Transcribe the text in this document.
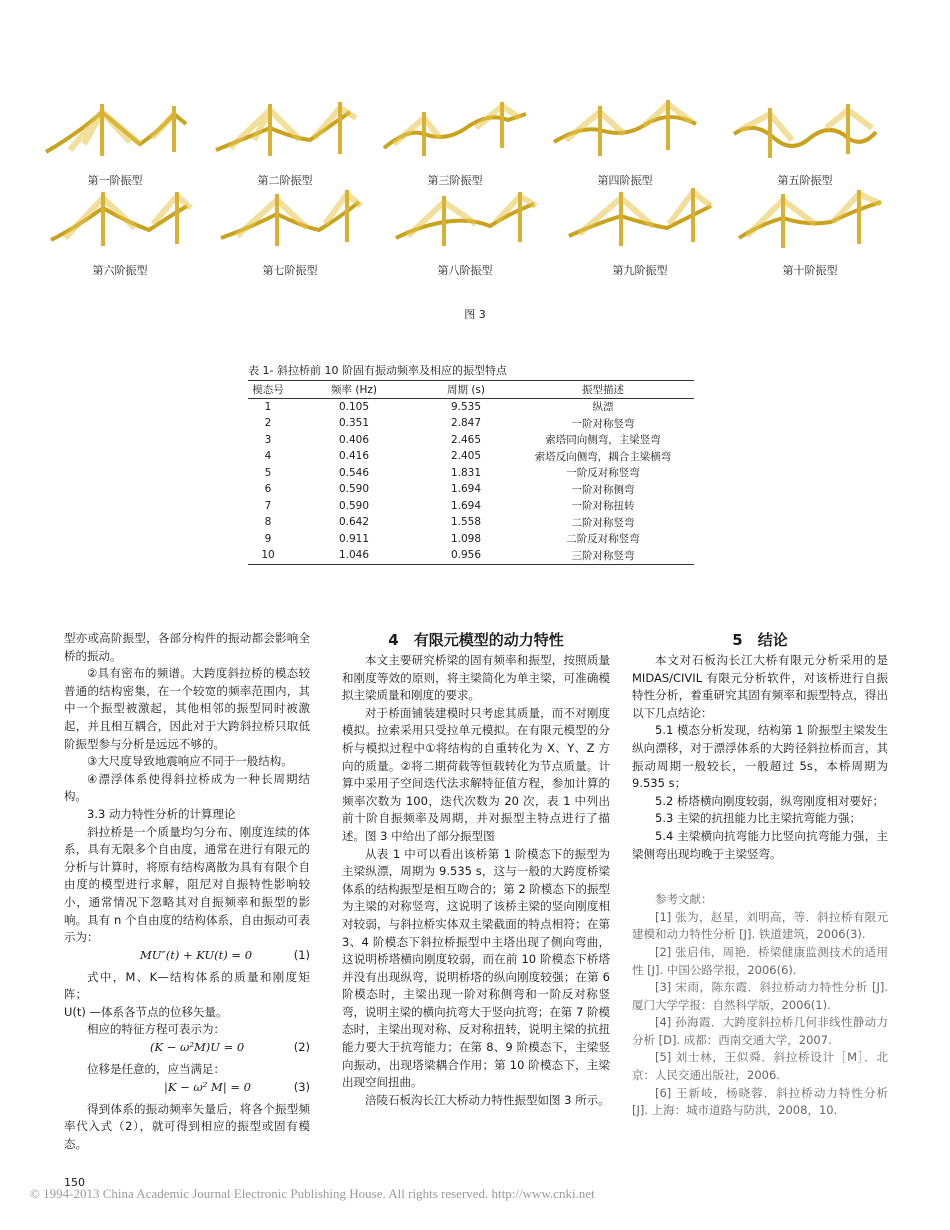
第一阶振型	第二阶振型	第三阶振型	第四阶振型	第五阶振型
第六阶振型	第七阶振型	第八阶振型	第九阶振型	第十阶振型
图 3
表 1- 斜拉桥前 10 阶固有振动频率及相应的振型特点
模态号	频率 (Hz)	周期 (s)	振型描述
1	0.105	9.535	纵漂
2	0.351	2.847	一阶对称竖弯
3	0.406	2.465	索塔同向侧弯，主梁竖弯
4	0.416	2.405	索塔反向侧弯，耦合主梁横弯
5	0.546	1.831	一阶反对称竖弯
6	0.590	1.694	一阶对称侧弯
7	0.590	1.694	一阶对称扭转
8	0.642	1.558	二阶对称竖弯
9	0.911	1.098	二阶反对称竖弯
10	1.046	0.956	三阶对称竖弯

型亦或高阶振型，各部分构件的振动都会影响全桥的振动。

②具有密布的频谱。大跨度斜拉桥的模态较普通的结构密集，在一个较宽的频率范围内，其中一个振型被激起，其他相邻的振型同时被激起，并且相互耦合，因此对于大跨斜拉桥只取低阶振型参与分析是远远不够的。

③大尺度导致地震响应不同于一般结构。

④漂浮体系使得斜拉桥成为一种长周期结构。

3.3 动力特性分析的计算理论

斜拉桥是一个质量均匀分布、刚度连续的体系，具有无限多个自由度，通常在进行有限元的分析与计算时，将原有结构离散为具有有限个自由度的模型进行求解，阻尼对自振特性影响较小，通常情况下忽略其对自振频率和振型的影响。具有 n 个自由度的结构体系，自由振动可表示为：

MU″(t) + KU(t) = 0	(1)

式中，M、K—结构体系的质量和刚度矩阵；

U(t) —体系各节点的位移矢量。

相应的特征方程可表示为：

(K − ω²M)U = 0	(2)

位移是任意的，应当满足：

|K − ω² M| = 0	(3)

得到体系的振动频率矢量后，将各个振型频率代入式（2），就可得到相应的振型或固有模态。

4　有限元模型的动力特性

本文主要研究桥梁的固有频率和振型，按照质量和刚度等效的原则，将主梁简化为单主梁，可准确模拟主梁质量和刚度的要求。

对于桥面铺装建模时只考虑其质量，而不对刚度模拟。拉索采用只受拉单元模拟。在有限元模型的分析与模拟过程中①将结构的自重转化为 X、Y、Z 方向的质量。②将二期荷载等恒载转化为节点质量。计算中采用子空间迭代法求解特征值方程，参加计算的频率次数为 100，迭代次数为 20 次，表 1 中列出前十阶自振频率及周期，并对振型主特点进行了描述。图 3 中给出了部分振型图

从表 1 中可以看出该桥第 1 阶模态下的振型为主梁纵漂，周期为 9.535 s，这与一般的大跨度桥梁体系的结构振型是相互吻合的；第 2 阶模态下的振型为主梁的对称竖弯，这说明了该桥主梁的竖向刚度相对较弱，与斜拉桥实体双主梁截面的特点相符；在第 3、4 阶模态下斜拉桥振型中主塔出现了侧向弯曲，这说明桥塔横向刚度较弱，而在前 10 阶模态下桥塔并没有出现纵弯，说明桥塔的纵向刚度较强；在第 6 阶模态时，主梁出现一阶对称侧弯和一阶反对称竖弯，说明主梁的横向抗弯大于竖向抗弯；在第 7 阶模态时，主梁出现对称、反对称扭转，说明主梁的抗扭能力要大于抗弯能力；在第 8、9 阶模态下，主梁竖向振动，出现塔梁耦合作用；第 10 阶模态下，主梁出现空间扭曲。

涪陵石板沟长江大桥动力特性振型如图 3 所示。

5　结论

本文对石板沟长江大桥有限元分析采用的是 MIDAS/CIVIL 有限元分析软件，对该桥进行自振特性分析，着重研究其固有频率和振型特点，得出以下几点结论：

5.1 模态分析发现，结构第 1 阶振型主梁发生纵向漂移，对于漂浮体系的大跨径斜拉桥而言，其振动周期一般较长，一般超过 5s，本桥周期为 9.535 s；

5.2 桥塔横向刚度较弱，纵弯刚度相对要好；

5.3 主梁的抗扭能力比主梁抗弯能力强；

5.4 主梁横向抗弯能力比竖向抗弯能力强，主梁侧弯出现均晚于主梁竖弯。

参考文献：

[1] 张为，赵星，刘明高，等．斜拉桥有限元建模和动力特性分析 [J]. 铁道建筑，2006(3).

[2] 张启伟，周艳．桥梁健康监测技术的适用性 [J]. 中国公路学报，2006(6).

[3] 宋雨，陈东霞．斜拉桥动力特性分析 [J]. 厦门大学学报：自然科学版，2006(1).

[4] 孙海霞．大跨度斜拉桥几何非线性静动力分析 [D]. 成都：西南交通大学，2007.

[5] 刘士林，王似舜．斜拉桥设计［M］．北京：人民交通出版社，2006.

[6] 王新岐，杨晓蓉．斜拉桥动力特性分析 [J]. 上海：城市道路与防洪，2008，10.

150
© 1994-2013 China Academic Journal Electronic Publishing House. All rights reserved. http://www.cnki.net
